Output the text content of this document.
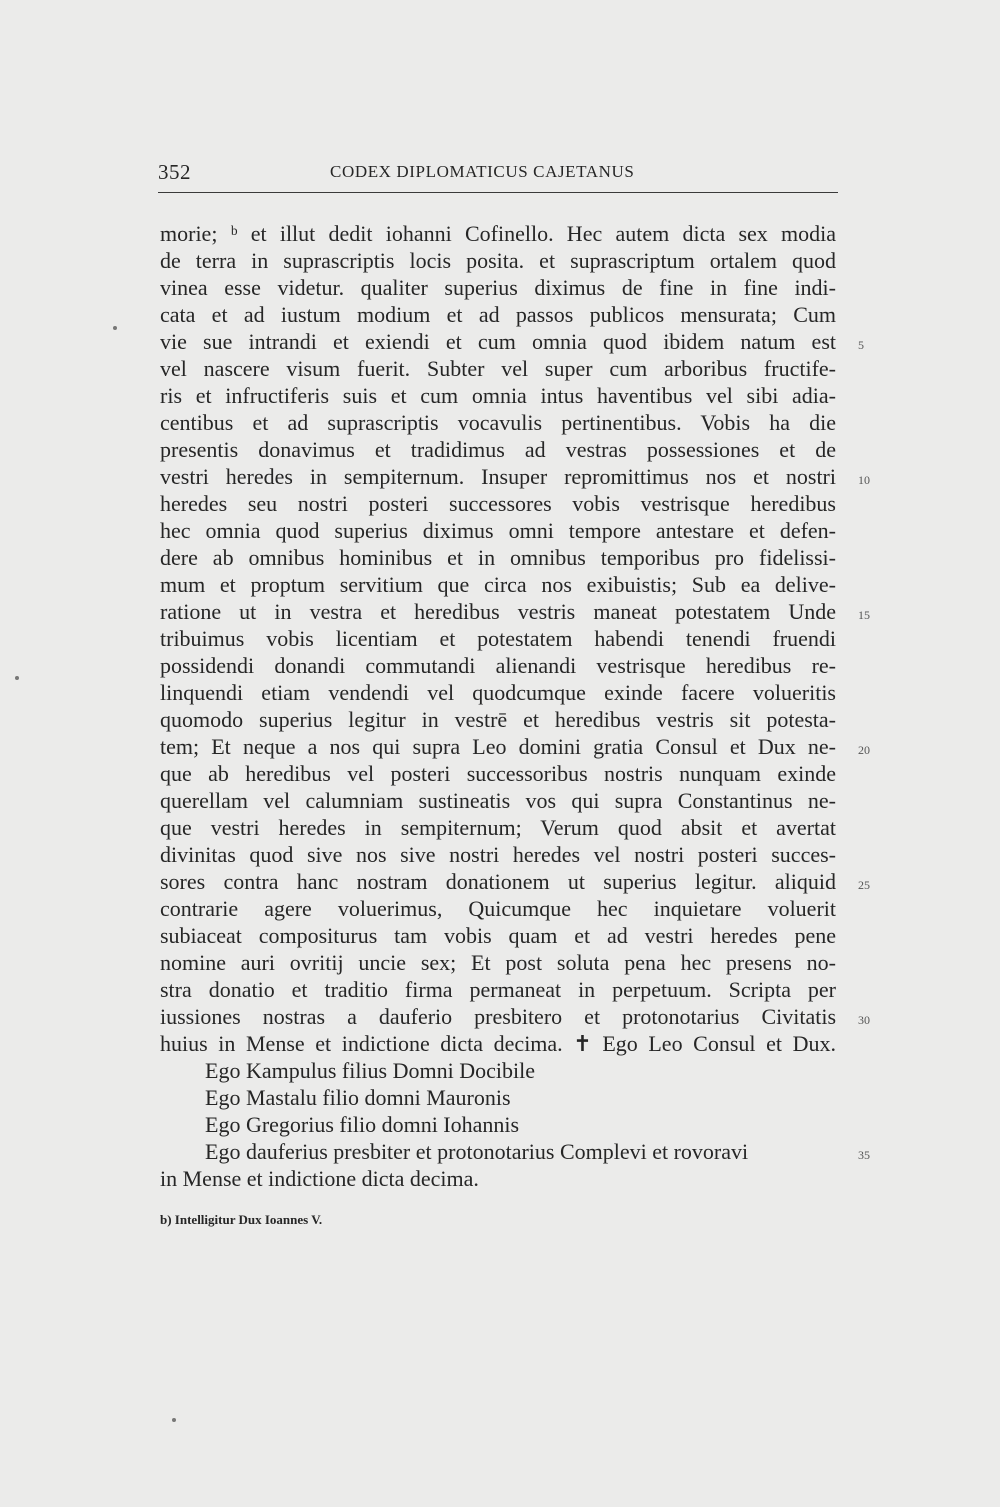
352	CODEX DIPLOMATICUS CAJETANUS
morie; ᵇ et illut dedit iohanni Cofinello. Hec autem dicta sex modia
de terra in suprascriptis locis posita. et suprascriptum ortalem quod
vinea esse videtur. qualiter superius diximus de fine in fine indi-
cata et ad iustum modium et ad passos publicos mensurata; Cum
vie sue intrandi et exiendi et cum omnia quod ibidem natum est
vel nascere visum fuerit. Subter vel super cum arboribus fructife-
ris et infructiferis suis et cum omnia intus haventibus vel sibi adia-
centibus et ad suprascriptis vocavulis pertinentibus. Vobis ha die
presentis donavimus et tradidimus ad vestras possessiones et de
vestri heredes in sempiternum. Insuper repromittimus nos et nostri
heredes seu nostri posteri successores vobis vestrisque heredibus
hec omnia quod superius diximus omni tempore antestare et defen-
dere ab omnibus hominibus et in omnibus temporibus pro fidelissi-
mum et proptum servitium que circa nos exibuistis; Sub ea delive-
ratione ut in vestra et heredibus vestris maneat potestatem Unde
tribuimus vobis licentiam et potestatem habendi tenendi fruendi
possidendi donandi commutandi alienandi vestrisque heredibus re-
linquendi etiam vendendi vel quodcumque exinde facere volueritis
quomodo superius legitur in vestrē et heredibus vestris sit potesta-
tem; Et neque a nos qui supra Leo domini gratia Consul et Dux ne-
que ab heredibus vel posteri successoribus nostris nunquam exinde
querellam vel calumniam sustineatis vos qui supra Constantinus ne-
que vestri heredes in sempiternum; Verum quod absit et avertat
divinitas quod sive nos sive nostri heredes vel nostri posteri succes-
sores contra hanc nostram donationem ut superius legitur. aliquid
contrarie agere voluerimus, Quicumque hec inquietare voluerit
subiaceat compositurus tam vobis quam et ad vestri heredes pene
nomine auri ovritij uncie sex; Et post soluta pena hec presens no-
stra donatio et traditio firma permaneat in perpetuum. Scripta per
iussiones nostras a dauferio presbitero et protonotarius Civitatis
huius in Mense et indictione dicta decima. ✝ Ego Leo Consul et Dux.
Ego Kampulus filius Domni Docibile
Ego Mastalu filio domni Mauronis
Ego Gregorius filio domni Iohannis
Ego dauferius presbiter et protonotarius Complevi et rovoravi
in Mense et indictione dicta decima.
5
10
15
20
25
30
35
b) Intelligitur Dux Ioannes V.
